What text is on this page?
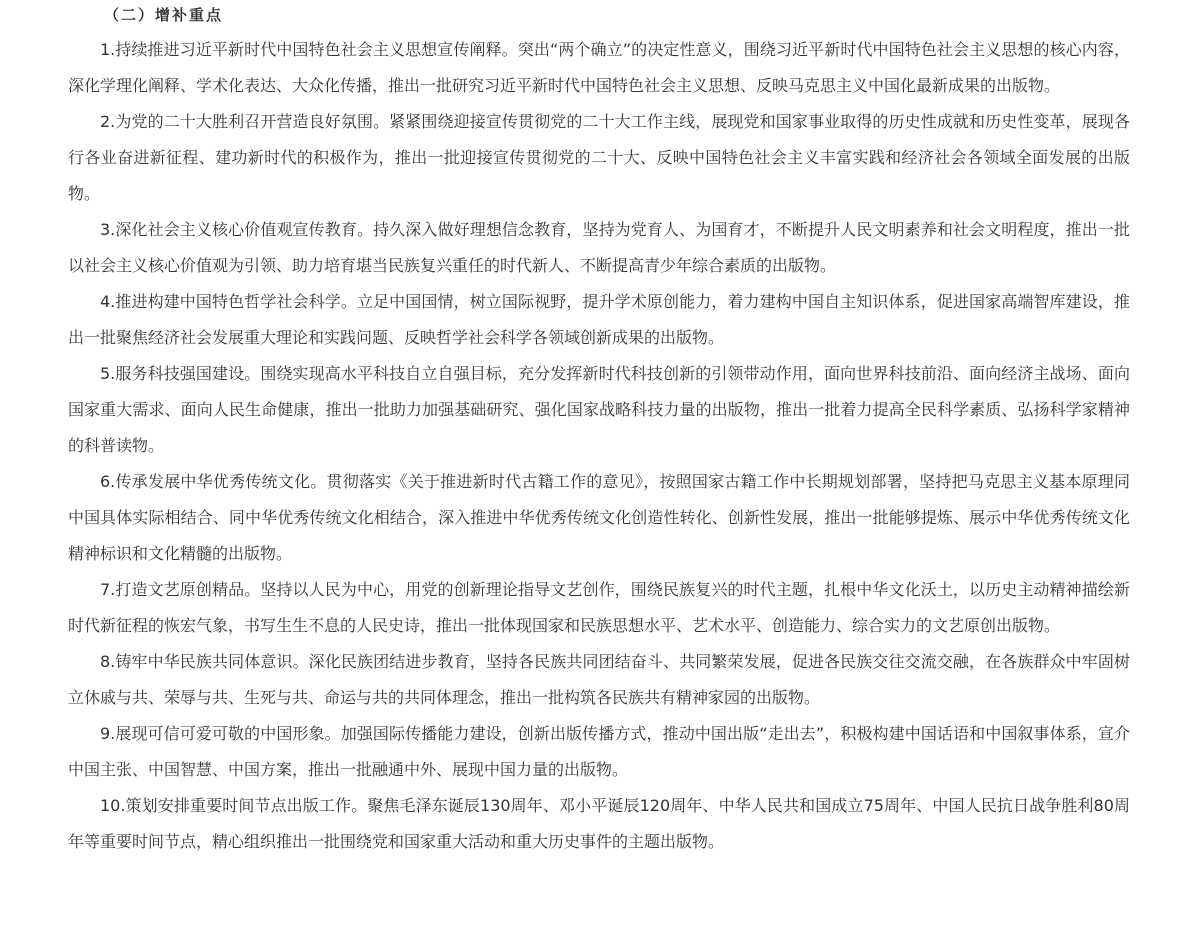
（二）增补重点

1.持续推进习近平新时代中国特色社会主义思想宣传阐释。突出“两个确立”的决定性意义，围绕习近平新时代中国特色社会主义思想的核心内容，深化学理化阐释、学术化表达、大众化传播，推出一批研究习近平新时代中国特色社会主义思想、反映马克思主义中国化最新成果的出版物。

2.为党的二十大胜利召开营造良好氛围。紧紧围绕迎接宣传贯彻党的二十大工作主线，展现党和国家事业取得的历史性成就和历史性变革，展现各行各业奋进新征程、建功新时代的积极作为，推出一批迎接宣传贯彻党的二十大、反映中国特色社会主义丰富实践和经济社会各领域全面发展的出版物。

3.深化社会主义核心价值观宣传教育。持久深入做好理想信念教育，坚持为党育人、为国育才，不断提升人民文明素养和社会文明程度，推出一批以社会主义核心价值观为引领、助力培育堪当民族复兴重任的时代新人、不断提高青少年综合素质的出版物。

4.推进构建中国特色哲学社会科学。立足中国国情，树立国际视野，提升学术原创能力，着力建构中国自主知识体系，促进国家高端智库建设，推出一批聚焦经济社会发展重大理论和实践问题、反映哲学社会科学各领域创新成果的出版物。

5.服务科技强国建设。围绕实现高水平科技自立自强目标，充分发挥新时代科技创新的引领带动作用，面向世界科技前沿、面向经济主战场、面向国家重大需求、面向人民生命健康，推出一批助力加强基础研究、强化国家战略科技力量的出版物，推出一批着力提高全民科学素质、弘扬科学家精神的科普读物。

6.传承发展中华优秀传统文化。贯彻落实《关于推进新时代古籍工作的意见》，按照国家古籍工作中长期规划部署，坚持把马克思主义基本原理同中国具体实际相结合、同中华优秀传统文化相结合，深入推进中华优秀传统文化创造性转化、创新性发展，推出一批能够提炼、展示中华优秀传统文化精神标识和文化精髓的出版物。

7.打造文艺原创精品。坚持以人民为中心，用党的创新理论指导文艺创作，围绕民族复兴的时代主题，扎根中华文化沃土，以历史主动精神描绘新时代新征程的恢宏气象，书写生生不息的人民史诗，推出一批体现国家和民族思想水平、艺术水平、创造能力、综合实力的文艺原创出版物。

8.铸牢中华民族共同体意识。深化民族团结进步教育，坚持各民族共同团结奋斗、共同繁荣发展，促进各民族交往交流交融，在各族群众中牢固树立休戚与共、荣辱与共、生死与共、命运与共的共同体理念，推出一批构筑各民族共有精神家园的出版物。

9.展现可信可爱可敬的中国形象。加强国际传播能力建设，创新出版传播方式，推动中国出版“走出去”，积极构建中国话语和中国叙事体系，宣介中国主张、中国智慧、中国方案，推出一批融通中外、展现中国力量的出版物。

10.策划安排重要时间节点出版工作。聚焦毛泽东诞辰130周年、邓小平诞辰120周年、中华人民共和国成立75周年、中国人民抗日战争胜利80周年等重要时间节点，精心组织推出一批围绕党和国家重大活动和重大历史事件的主题出版物。
